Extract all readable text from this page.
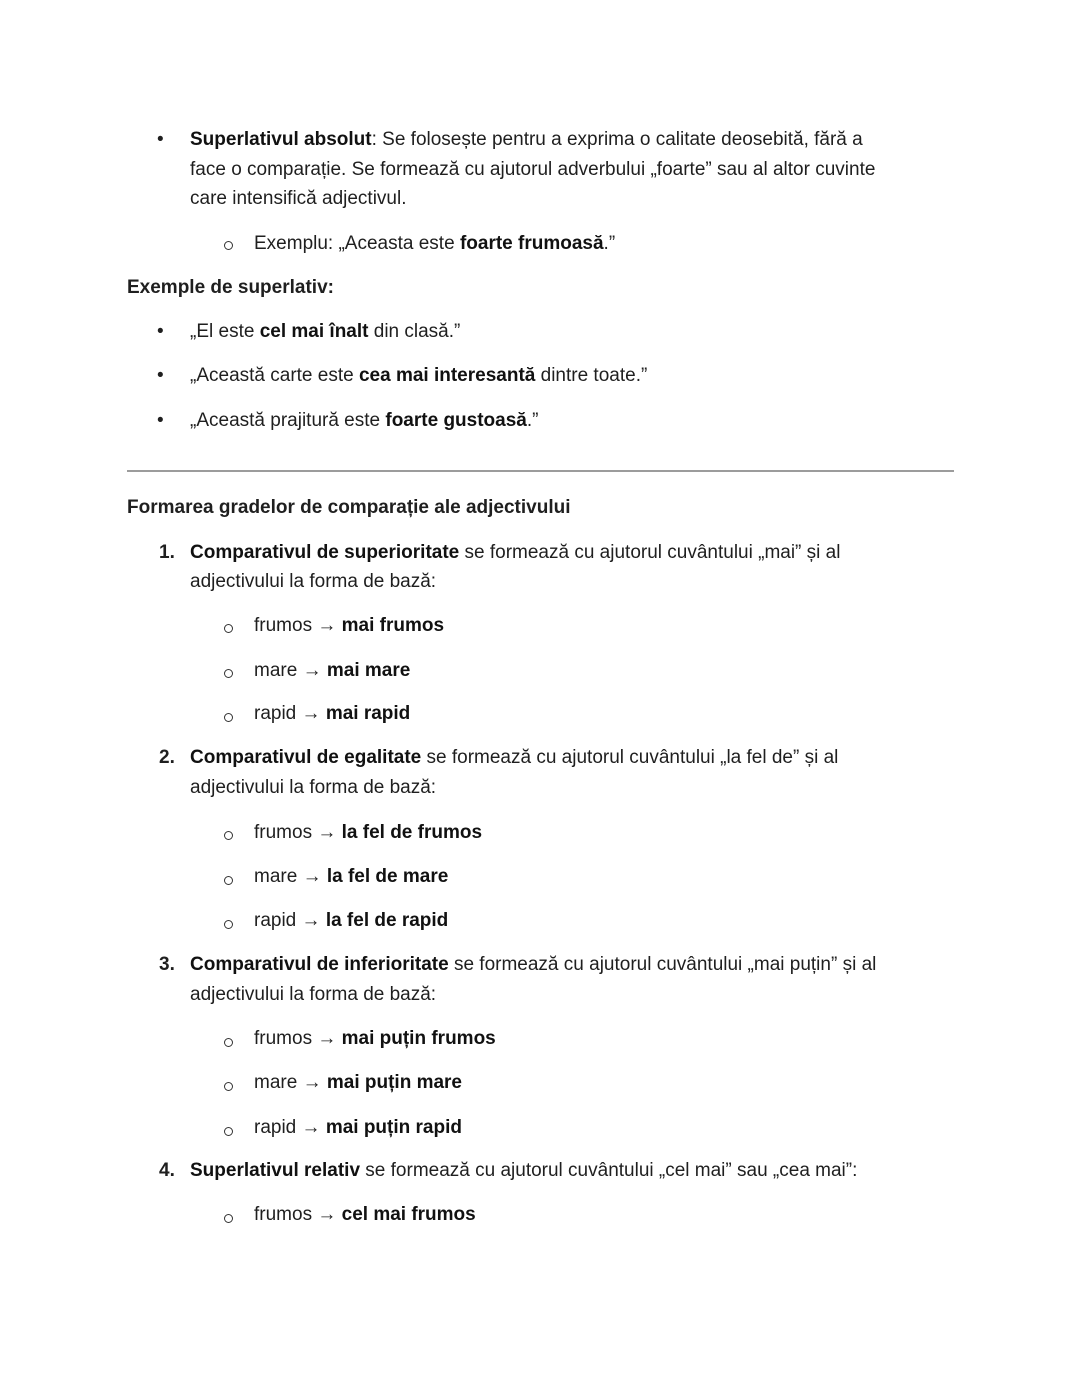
• Superlativul absolut: Se folosește pentru a exprima o calitate deosebită, fără a
face o comparație. Se formează cu ajutorul adverbului „foarte” sau al altor cuvinte
care intensifică adjectivul.
Exemplu: „Aceasta este foarte frumoasă.”
Exemple de superlativ:
• „El este cel mai înalt din clasă.”
• „Această carte este cea mai interesantă dintre toate.”
• „Această prajitură este foarte gustoasă.”
Formarea gradelor de comparație ale adjectivului
1. Comparativul de superioritate se formează cu ajutorul cuvântului „mai” și al
adjectivului la forma de bază:
frumos → mai frumos
mare → mai mare
rapid → mai rapid
2. Comparativul de egalitate se formează cu ajutorul cuvântului „la fel de” și al
adjectivului la forma de bază:
frumos → la fel de frumos
mare → la fel de mare
rapid → la fel de rapid
3. Comparativul de inferioritate se formează cu ajutorul cuvântului „mai puțin” și al
adjectivului la forma de bază:
frumos → mai puțin frumos
mare → mai puțin mare
rapid → mai puțin rapid
4. Superlativul relativ se formează cu ajutorul cuvântului „cel mai” sau „cea mai”:
frumos → cel mai frumos
